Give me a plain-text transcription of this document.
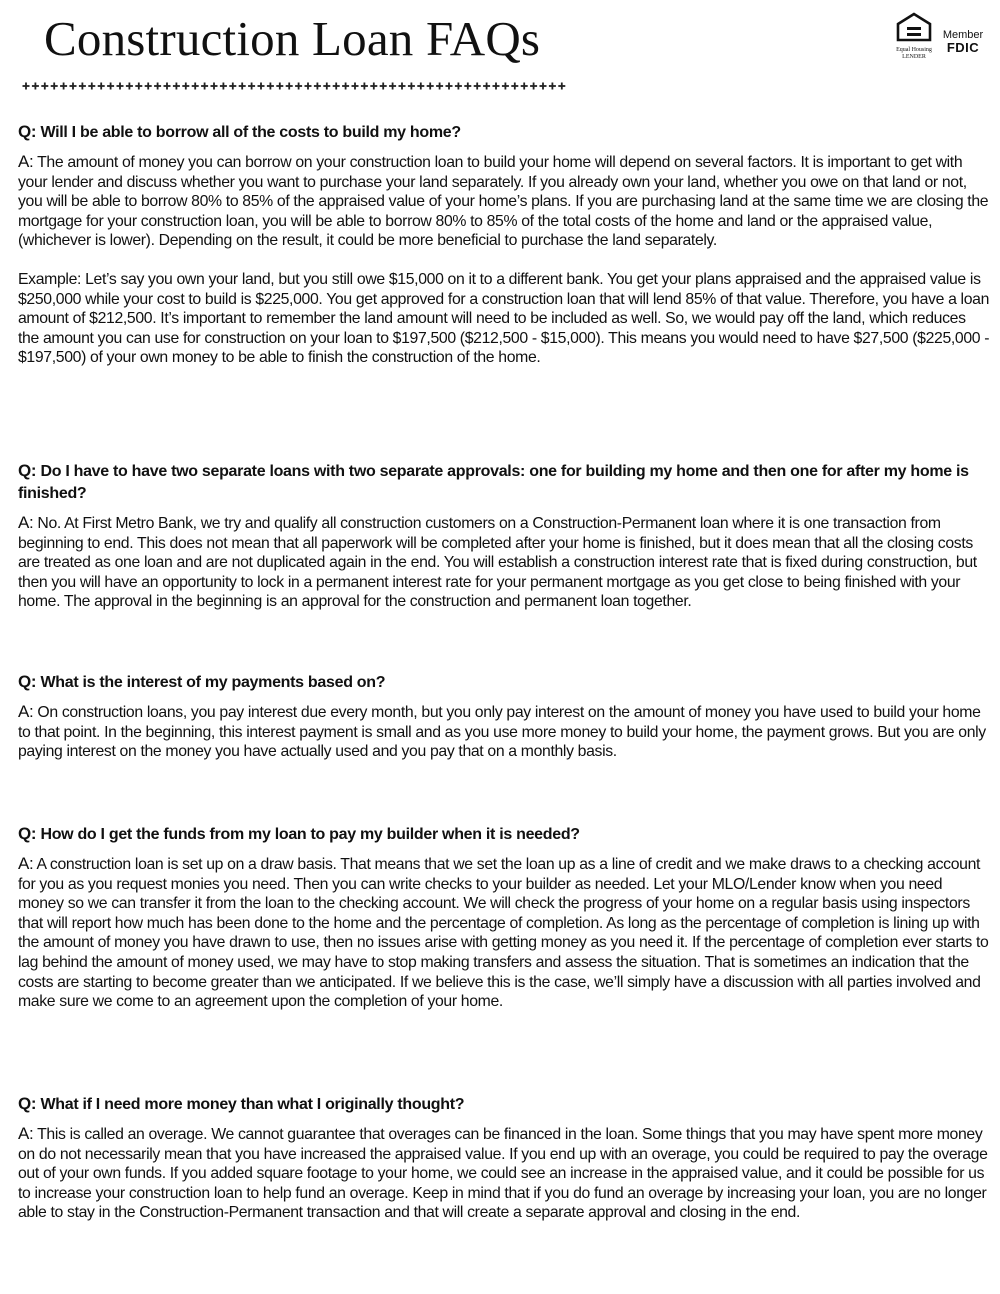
Construction Loan FAQs	Equal Housing
LENDER
Member
FDIC

Q: Will I be able to borrow all of the costs to build my home?

A: The amount of money you can borrow on your construction loan to build your home will depend on several factors. It is important to get with your lender and discuss whether you want to purchase your land separately. If you already own your land, whether you owe on that land or not, you will be able to borrow 80% to 85% of the appraised value of your home’s plans. If you are purchasing land at the same time we are closing the mortgage for your construction loan, you will be able to borrow 80% to 85% of the total costs of the home and land or the appraised value, (whichever is lower). Depending on the result, it could be more beneficial to purchase the land separately.

Example: Let’s say you own your land, but you still owe $15,000 on it to a different bank. You get your plans appraised and the appraised value is $250,000 while your cost to build is $225,000. You get approved for a construction loan that will lend 85% of that value. Therefore, you have a loan amount of $212,500. It’s important to remember the land amount will need to be included as well. So, we would pay off the land, which reduces the amount you can use for construction on your loan to $197,500 ($212,500 - $15,000). This means you would need to have $27,500 ($225,000 - $197,500) of your own money to be able to finish the construction of the home.

Q: Do I have to have two separate loans with two separate approvals: one for building my home and then one for after my home is finished?

A: No. At First Metro Bank, we try and qualify all construction customers on a Construction-Permanent loan where it is one transaction from beginning to end. This does not mean that all paperwork will be completed after your home is finished, but it does mean that all the closing costs are treated as one loan and are not duplicated again in the end. You will establish a construction interest rate that is fixed during construction, but then you will have an opportunity to lock in a permanent interest rate for your permanent mortgage as you get close to being finished with your home. The approval in the beginning is an approval for the construction and permanent loan together.

Q: What is the interest of my payments based on?

A: On construction loans, you pay interest due every month, but you only pay interest on the amount of money you have used to build your home to that point. In the beginning, this interest payment is small and as you use more money to build your home, the payment grows. But you are only paying interest on the money you have actually used and you pay that on a monthly basis.

Q: How do I get the funds from my loan to pay my builder when it is needed?

A: A construction loan is set up on a draw basis. That means that we set the loan up as a line of credit and we make draws to a checking account for you as you request monies you need. Then you can write checks to your builder as needed. Let your MLO/Lender know when you need money so we can transfer it from the loan to the checking account. We will check the progress of your home on a regular basis using inspectors that will report how much has been done to the home and the percentage of completion. As long as the percentage of completion is lining up with the amount of money you have drawn to use, then no issues arise with getting money as you need it. If the percentage of completion ever starts to lag behind the amount of money used, we may have to stop making transfers and assess the situation. That is sometimes an indication that the costs are starting to become greater than we anticipated. If we believe this is the case, we’ll simply have a discussion with all parties involved and make sure we come to an agreement upon the completion of your home.

Q: What if I need more money than what I originally thought?

A: This is called an overage. We cannot guarantee that overages can be financed in the loan. Some things that you may have spent more money on do not necessarily mean that you have increased the appraised value. If you end up with an overage, you could be required to pay the overage out of your own funds. If you added square footage to your home, we could see an increase in the appraised value, and it could be possible for us to increase your construction loan to help fund an overage. Keep in mind that if you do fund an overage by increasing your loan, you are no longer able to stay in the Construction-Permanent transaction and that will create a separate approval and closing in the end.
